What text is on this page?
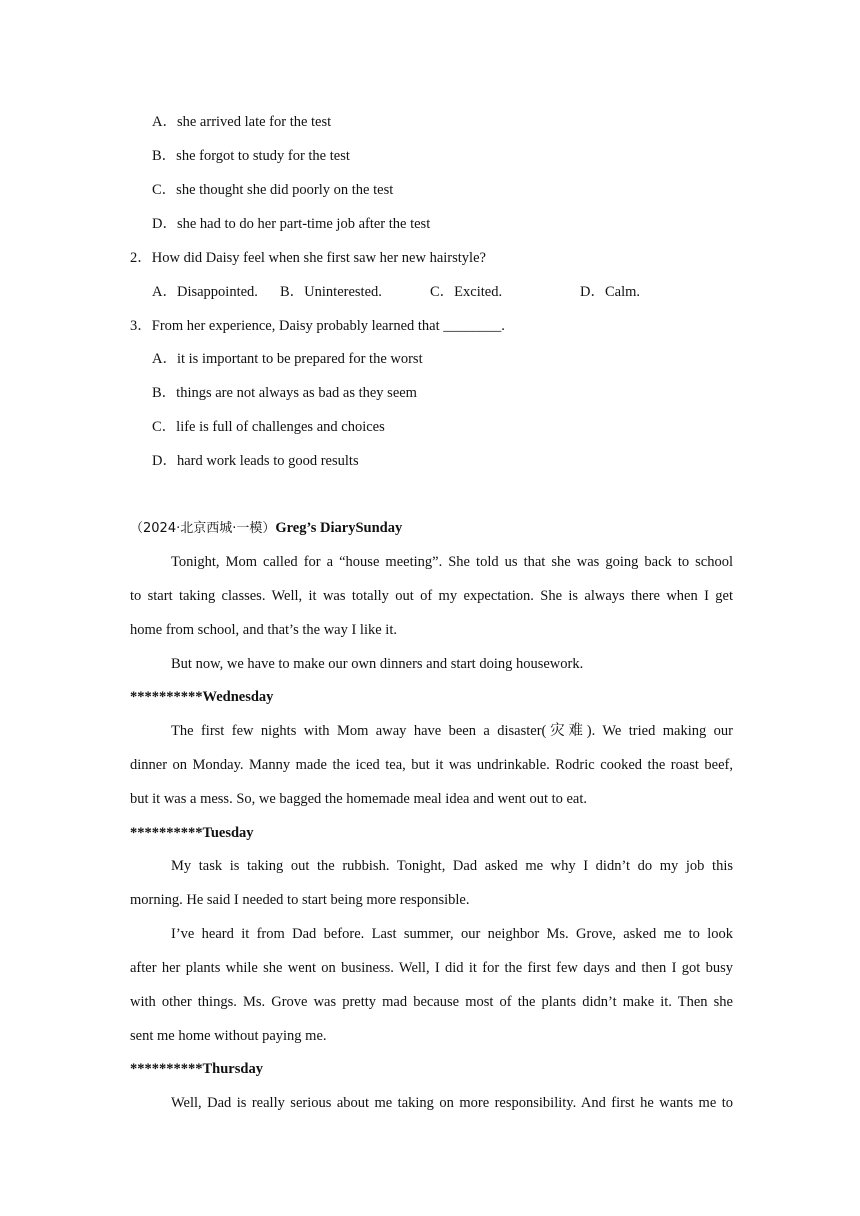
A．she arrived late for the test
B．she forgot to study for the test
C．she thought she did poorly on the test
D．she had to do her part-time job after the test
2．How did Daisy feel when she first saw her new hairstyle?
A．Disappointed. B．Uninterested.	C．Excited.	D．Calm.
3．From her experience, Daisy probably learned that ________.
A．it is important to be prepared for the worst
B．things are not always as bad as they seem
C．life is full of challenges and choices
D．hard work leads to good results
（2024·北京西城·一模）Greg’s DiarySunday
Tonight, Mom called for a “house meeting”. She told us that she was going back to school
to start taking classes. Well, it was totally out of my expectation. She is always there when I get
home from school, and that’s the way I like it.
But now, we have to make our own dinners and start doing housework.
**********Wednesday
The first few nights with Mom away have been a disaster(灾难). We tried making our
dinner on Monday. Manny made the iced tea, but it was undrinkable. Rodric cooked the roast beef,
but it was a mess. So, we bagged the homemade meal idea and went out to eat.
**********Tuesday
My task is taking out the rubbish. Tonight, Dad asked me why I didn’t do my job this
morning. He said I needed to start being more responsible.
I’ve heard it from Dad before. Last summer, our neighbor Ms. Grove, asked me to look
after her plants while she went on business. Well, I did it for the first few days and then I got busy
with other things. Ms. Grove was pretty mad because most of the plants didn’t make it. Then she
sent me home without paying me.
**********Thursday
Well, Dad is really serious about me taking on more responsibility. And first he wants me to
